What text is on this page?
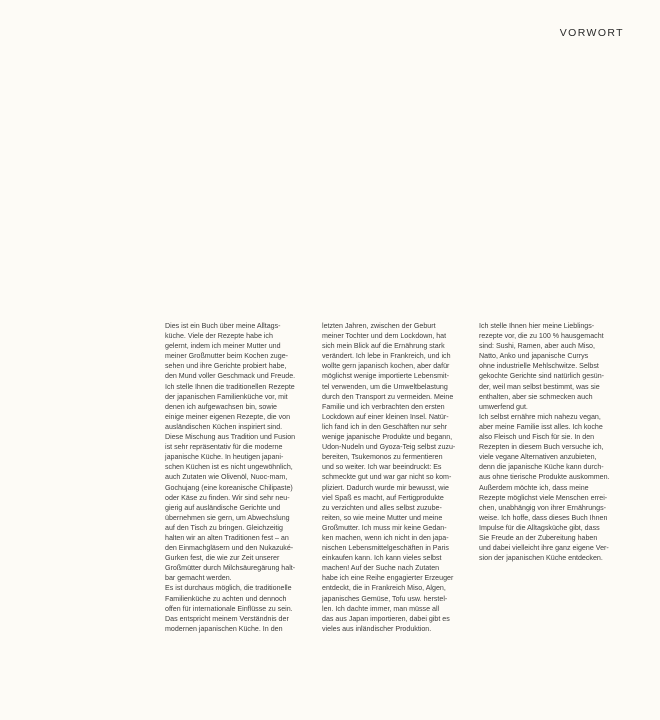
VORWORT
Dies ist ein Buch über meine Alltags-
küche. Viele der Rezepte habe ich
gelernt, indem ich meiner Mutter und
meiner Großmutter beim Kochen zuge-
sehen und ihre Gerichte probiert habe,
den Mund voller Geschmack und Freude.
Ich stelle Ihnen die traditionellen Rezepte
der japanischen Familienküche vor, mit
denen ich aufgewachsen bin, sowie
einige meiner eigenen Rezepte, die von
ausländischen Küchen inspiriert sind.
Diese Mischung aus Tradition und Fusion
ist sehr repräsentativ für die moderne
japanische Küche. In heutigen japani-
schen Küchen ist es nicht ungewöhnlich,
auch Zutaten wie Olivenöl, Nuoc-mam,
Gochujang (eine koreanische Chilipaste)
oder Käse zu finden. Wir sind sehr neu-
gierig auf ausländische Gerichte und
übernehmen sie gern, um Abwechslung
auf den Tisch zu bringen. Gleichzeitig
halten wir an alten Traditionen fest – an
den Einmachgläsern und den Nukazuké-
Gurken fest, die wie zur Zeit unserer
Großmütter durch Milchsäuregärung halt-
bar gemacht werden.
Es ist durchaus möglich, die traditionelle
Familienküche zu achten und dennoch
offen für internationale Einflüsse zu sein.
Das entspricht meinem Verständnis der
modernen japanischen Küche. In den
letzten Jahren, zwischen der Geburt
meiner Tochter und dem Lockdown, hat
sich mein Blick auf die Ernährung stark
verändert. Ich lebe in Frankreich, und ich
wollte gern japanisch kochen, aber dafür
möglichst wenige importierte Lebensmit-
tel verwenden, um die Umweltbelastung
durch den Transport zu vermeiden. Meine
Familie und ich verbrachten den ersten
Lockdown auf einer kleinen Insel. Natür-
lich fand ich in den Geschäften nur sehr
wenige japanische Produkte und begann,
Udon-Nudeln und Gyoza-Teig selbst zuzu-
bereiten, Tsukemonos zu fermentieren
und so weiter. Ich war beeindruckt: Es
schmeckte gut und war gar nicht so kom-
pliziert. Dadurch wurde mir bewusst, wie
viel Spaß es macht, auf Fertigprodukte
zu verzichten und alles selbst zuzube-
reiten, so wie meine Mutter und meine
Großmutter. Ich muss mir keine Gedan-
ken machen, wenn ich nicht in den japa-
nischen Lebensmittelgeschäften in Paris
einkaufen kann. Ich kann vieles selbst
machen! Auf der Suche nach Zutaten
habe ich eine Reihe engagierter Erzeuger
entdeckt, die in Frankreich Miso, Algen,
japanisches Gemüse, Tofu usw. herstel-
len. Ich dachte immer, man müsse all
das aus Japan importieren, dabei gibt es
vieles aus inländischer Produktion.
Ich stelle Ihnen hier meine Lieblings-
rezepte vor, die zu 100 % hausgemacht
sind: Sushi, Ramen, aber auch Miso,
Natto, Anko und japanische Currys
ohne industrielle Mehlschwitze. Selbst
gekochte Gerichte sind natürlich gesün-
der, weil man selbst bestimmt, was sie
enthalten, aber sie schmecken auch
umwerfend gut.
Ich selbst ernähre mich nahezu vegan,
aber meine Familie isst alles. Ich koche
also Fleisch und Fisch für sie. In den
Rezepten in diesem Buch versuche ich,
viele vegane Alternativen anzubieten,
denn die japanische Küche kann durch-
aus ohne tierische Produkte auskommen.
Außerdem möchte ich, dass meine
Rezepte möglichst viele Menschen errei-
chen, unabhängig von ihrer Ernährungs-
weise. Ich hoffe, dass dieses Buch Ihnen
Impulse für die Alltagsküche gibt, dass
Sie Freude an der Zubereitung haben
und dabei vielleicht ihre ganz eigene Ver-
sion der japanischen Küche entdecken.
